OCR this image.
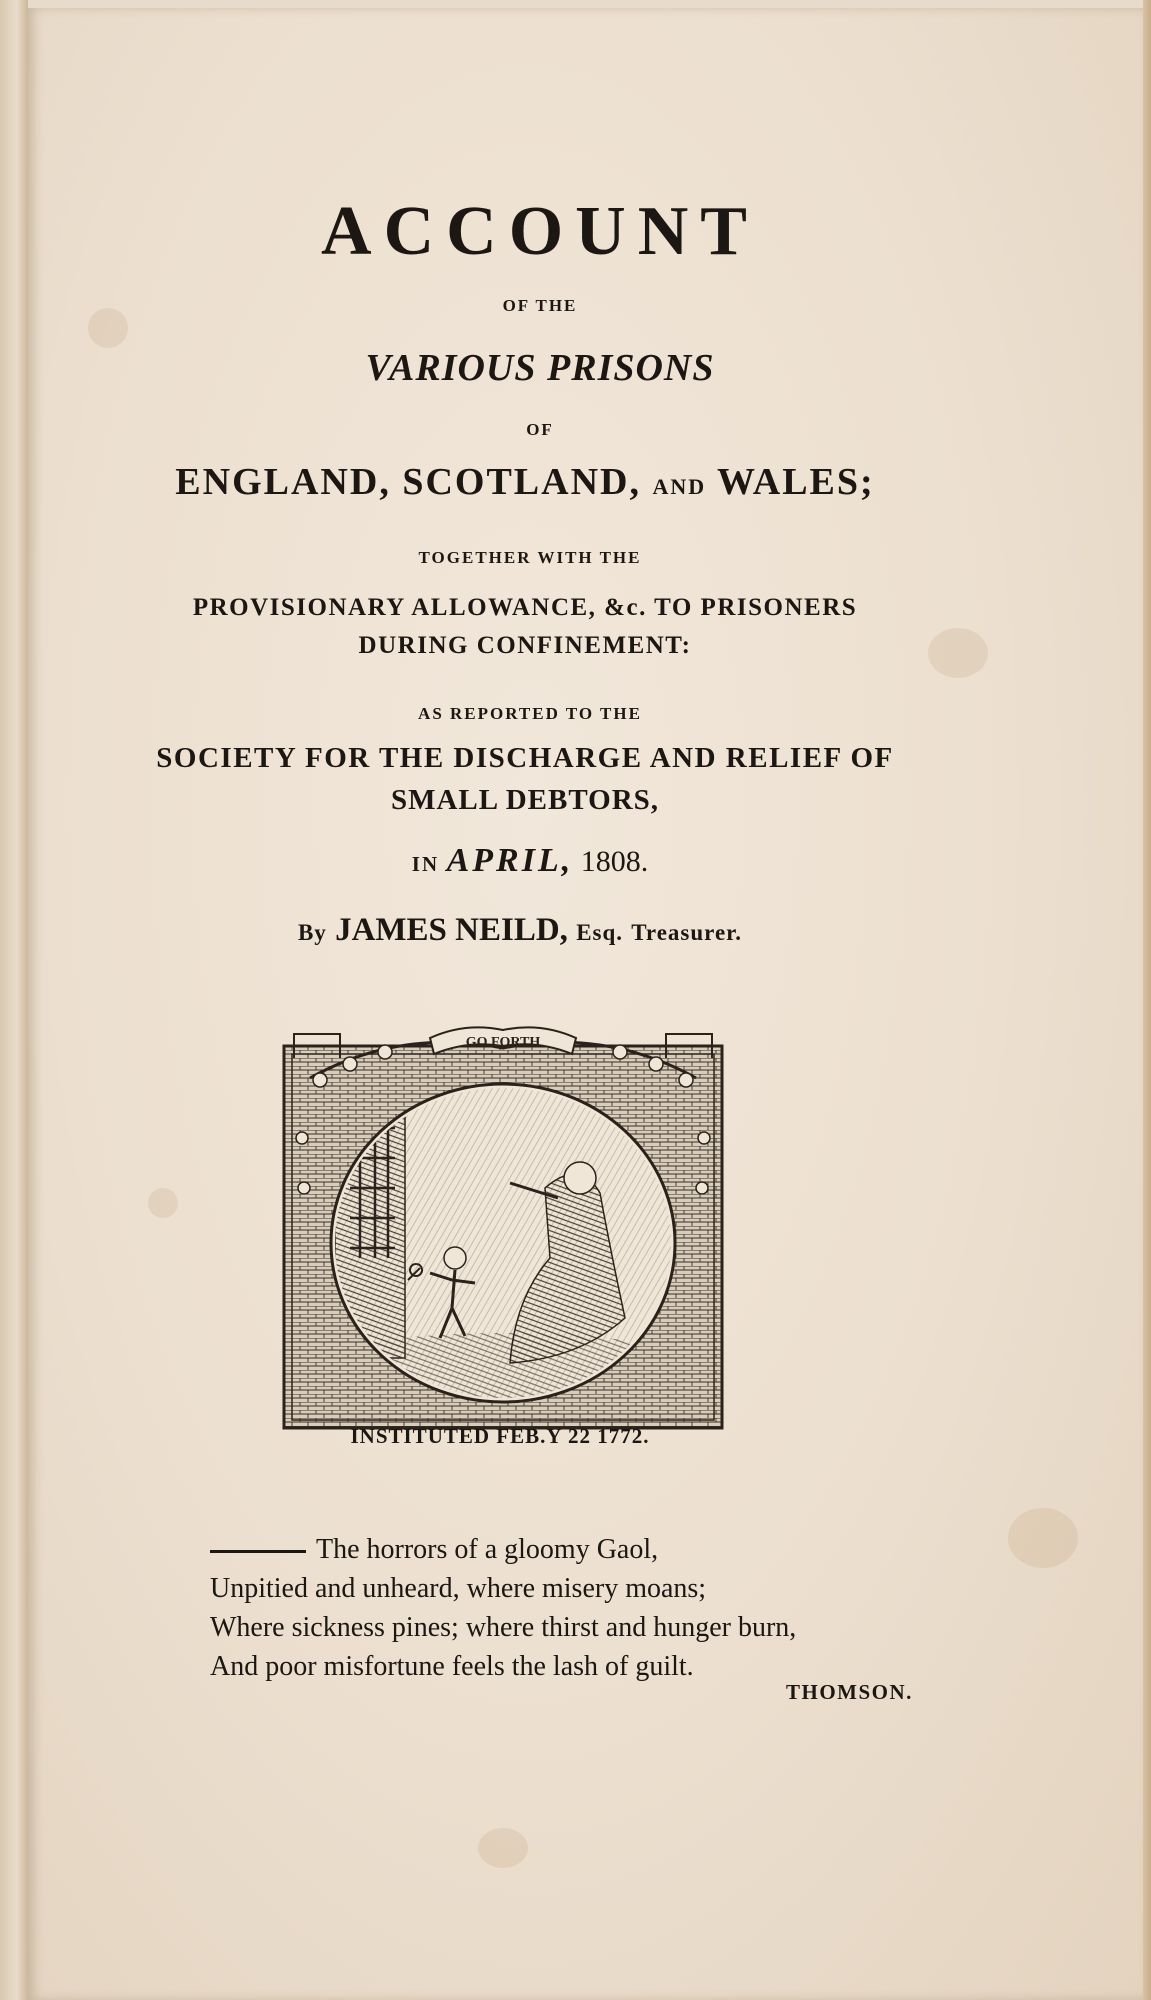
ACCOUNT
OF THE
VARIOUS PRISONS
OF
ENGLAND, SCOTLAND, AND WALES;
TOGETHER WITH THE
PROVISIONARY ALLOWANCE, &c. TO PRISONERS
DURING CONFINEMENT:
AS REPORTED TO THE
SOCIETY FOR THE DISCHARGE AND RELIEF OF
SMALL DEBTORS,
IN APRIL, 1808.
By JAMES NEILD, Esq. Treasurer.
GO FORTH
INSTITUTED FEB.Y 22 1772.
The horrors of a gloomy Gaol,
Unpitied and unheard, where misery moans;
Where sickness pines; where thirst and hunger burn,
And poor misfortune feels the lash of guilt.
THOMSON.
